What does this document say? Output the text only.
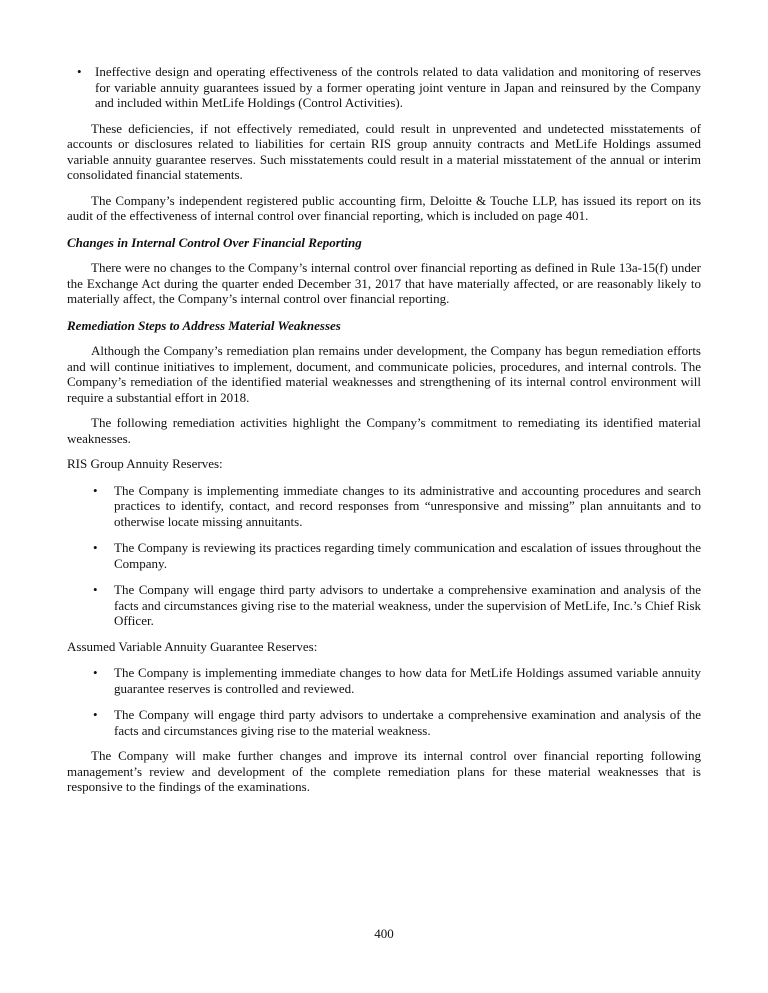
•	Ineffective design and operating effectiveness of the controls related to data validation and monitoring of reserves for variable annuity guarantees issued by a former operating joint venture in Japan and reinsured by the Company and included within MetLife Holdings (Control Activities).

These deficiencies, if not effectively remediated, could result in unprevented and undetected misstatements of accounts or disclosures related to liabilities for certain RIS group annuity contracts and MetLife Holdings assumed variable annuity guarantee reserves. Such misstatements could result in a material misstatement of the annual or interim consolidated financial statements.

The Company’s independent registered public accounting firm, Deloitte & Touche LLP, has issued its report on its audit of the effectiveness of internal control over financial reporting, which is included on page 401.

Changes in Internal Control Over Financial Reporting

There were no changes to the Company’s internal control over financial reporting as defined in Rule 13a-15(f) under the Exchange Act during the quarter ended December 31, 2017 that have materially affected, or are reasonably likely to materially affect, the Company’s internal control over financial reporting.

Remediation Steps to Address Material Weaknesses

Although the Company’s remediation plan remains under development, the Company has begun remediation efforts and will continue initiatives to implement, document, and communicate policies, procedures, and internal controls. The Company’s remediation of the identified material weaknesses and strengthening of its internal control environment will require a substantial effort in 2018.

The following remediation activities highlight the Company’s commitment to remediating its identified material weaknesses.

RIS Group Annuity Reserves:

•	The Company is implementing immediate changes to its administrative and accounting procedures and search practices to identify, contact, and record responses from “unresponsive and missing” plan annuitants and to otherwise locate missing annuitants.
•	The Company is reviewing its practices regarding timely communication and escalation of issues throughout the Company.
•	The Company will engage third party advisors to undertake a comprehensive examination and analysis of the facts and circumstances giving rise to the material weakness, under the supervision of MetLife, Inc.’s Chief Risk Officer.

Assumed Variable Annuity Guarantee Reserves:

•	The Company is implementing immediate changes to how data for MetLife Holdings assumed variable annuity guarantee reserves is controlled and reviewed.
•	The Company will engage third party advisors to undertake a comprehensive examination and analysis of the facts and circumstances giving rise to the material weakness.

The Company will make further changes and improve its internal control over financial reporting following management’s review and development of the complete remediation plans for these material weaknesses that is responsive to the findings of the examinations.

400
